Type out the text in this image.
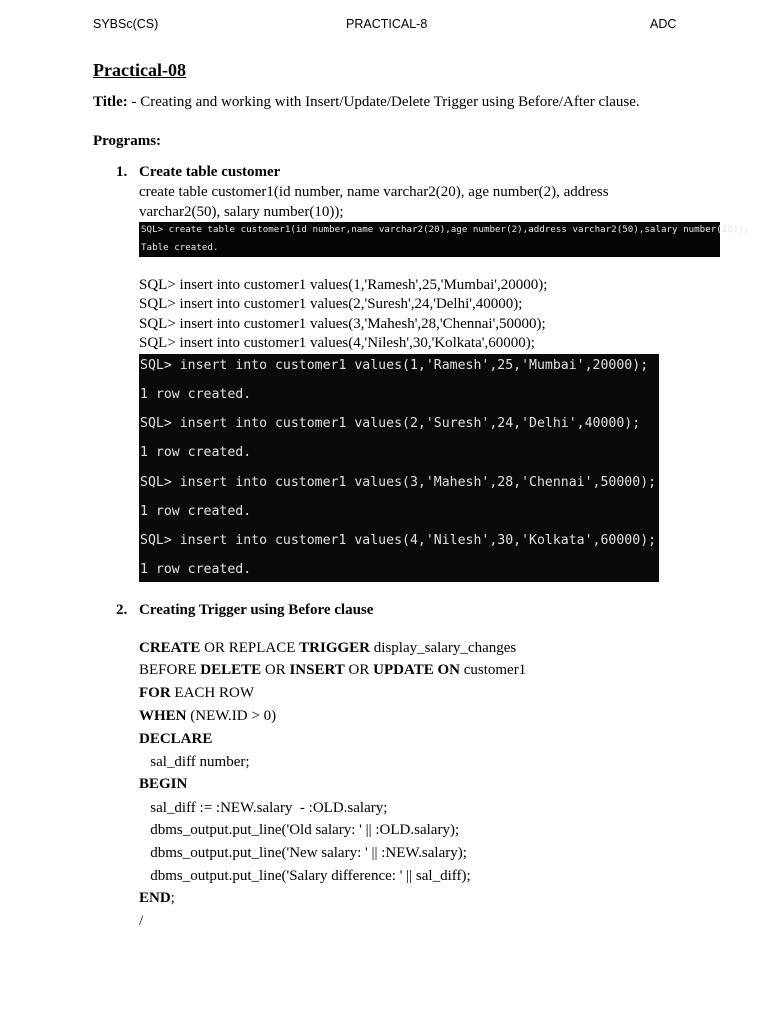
SYBSc(CS)	PRACTICAL-8	ADC
Practical-08
Title: - Creating and working with Insert/Update/Delete Trigger using Before/After clause.
Programs:
1. Create table customer
create table customer1(id number, name varchar2(20), age number(2), address
varchar2(50), salary number(10));
SQL> create table customer1(id number,name varchar2(20),age number(2),address varchar2(50),salary number(10));
Table created.
SQL> insert into customer1 values(1,'Ramesh',25,'Mumbai',20000);
SQL> insert into customer1 values(2,'Suresh',24,'Delhi',40000);
SQL> insert into customer1 values(3,'Mahesh',28,'Chennai',50000);
SQL> insert into customer1 values(4,'Nilesh',30,'Kolkata',60000);
SQL> insert into customer1 values(1,'Ramesh',25,'Mumbai',20000);
1 row created.
SQL> insert into customer1 values(2,'Suresh',24,'Delhi',40000);
1 row created.
SQL> insert into customer1 values(3,'Mahesh',28,'Chennai',50000);
1 row created.
SQL> insert into customer1 values(4,'Nilesh',30,'Kolkata',60000);
1 row created.
2. Creating Trigger using Before clause
CREATE OR REPLACE TRIGGER display_salary_changes
BEFORE DELETE OR INSERT OR UPDATE ON customer1
FOR EACH ROW
WHEN (NEW.ID > 0)
DECLARE
sal_diff number;
BEGIN
sal_diff := :NEW.salary  - :OLD.salary;
dbms_output.put_line('Old salary: ' || :OLD.salary);
dbms_output.put_line('New salary: ' || :NEW.salary);
dbms_output.put_line('Salary difference: ' || sal_diff);
END;
/
